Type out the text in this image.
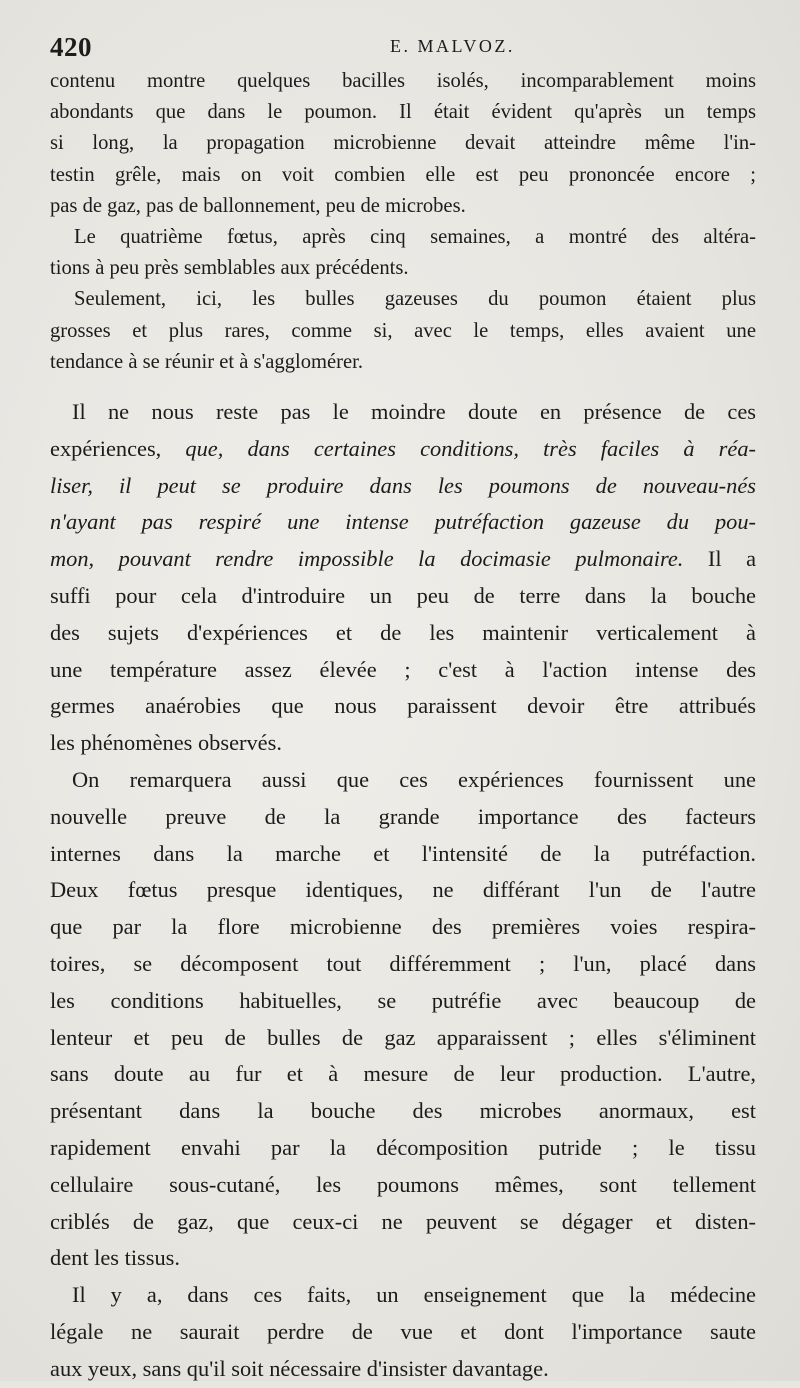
420	E. MALVOZ.
contenu montre quelques bacilles isolés, incomparablement moins
abondants que dans le poumon. Il était évident qu'après un temps
si long, la propagation microbienne devait atteindre même l'in-
testin grêle, mais on voit combien elle est peu prononcée encore ;
pas de gaz, pas de ballonnement, peu de microbes.
Le quatrième fœtus, après cinq semaines, a montré des altéra-
tions à peu près semblables aux précédents.
Seulement, ici, les bulles gazeuses du poumon étaient plus
grosses et plus rares, comme si, avec le temps, elles avaient une
tendance à se réunir et à s'agglomérer.
Il ne nous reste pas le moindre doute en présence de ces
expériences, que, dans certaines conditions, très faciles à réa-
liser, il peut se produire dans les poumons de nouveau-nés
n'ayant pas respiré une intense putréfaction gazeuse du pou-
mon, pouvant rendre impossible la docimasie pulmonaire. Il a
suffi pour cela d'introduire un peu de terre dans la bouche
des sujets d'expériences et de les maintenir verticalement à
une température assez élevée ; c'est à l'action intense des
germes anaérobies que nous paraissent devoir être attribués
les phénomènes observés.
On remarquera aussi que ces expériences fournissent une
nouvelle preuve de la grande importance des facteurs
internes dans la marche et l'intensité de la putréfaction.
Deux fœtus presque identiques, ne différant l'un de l'autre
que par la flore microbienne des premières voies respira-
toires, se décomposent tout différemment ; l'un, placé dans
les conditions habituelles, se putréfie avec beaucoup de
lenteur et peu de bulles de gaz apparaissent ; elles s'éliminent
sans doute au fur et à mesure de leur production. L'autre,
présentant dans la bouche des microbes anormaux, est
rapidement envahi par la décomposition putride ; le tissu
cellulaire sous-cutané, les poumons mêmes, sont tellement
criblés de gaz, que ceux-ci ne peuvent se dégager et disten-
dent les tissus.
Il y a, dans ces faits, un enseignement que la médecine
légale ne saurait perdre de vue et dont l'importance saute
aux yeux, sans qu'il soit nécessaire d'insister davantage.
